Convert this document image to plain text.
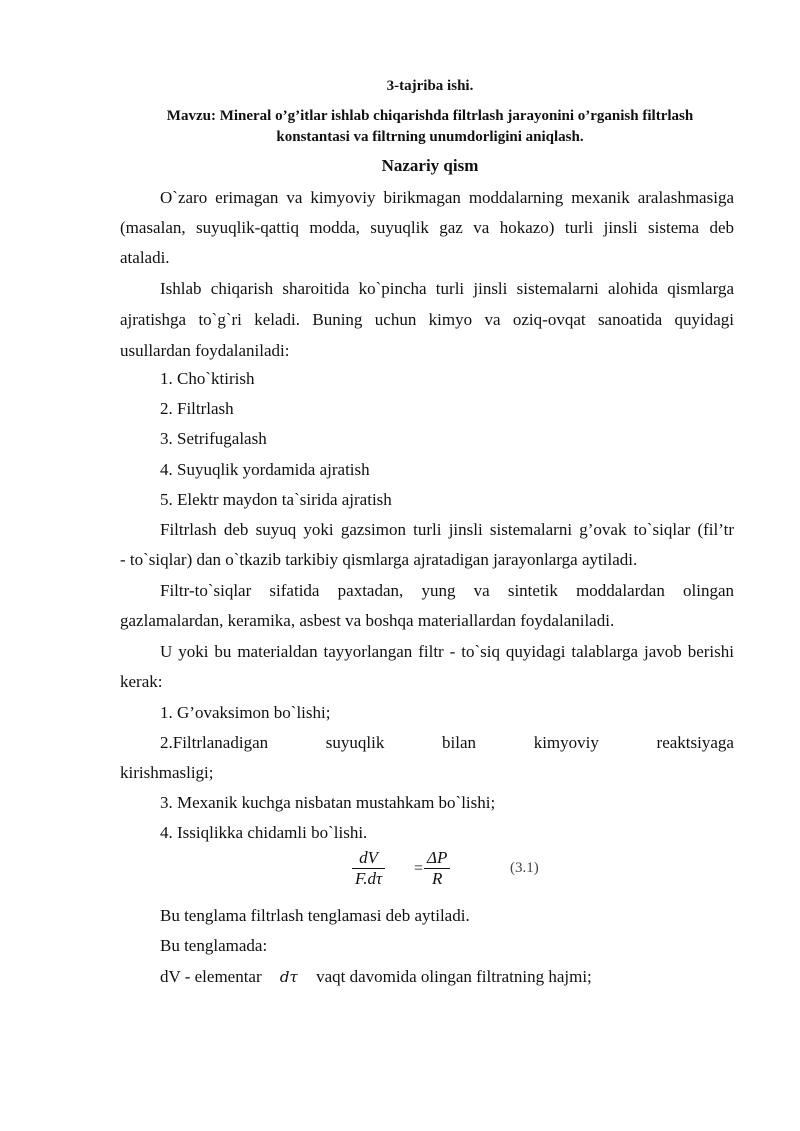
3-tajriba ishi.
Mavzu: Mineral o’g’itlar ishlab chiqarishda filtrlash jarayonini o’rganish filtrlash
konstantasi va filtrning unumdorligini aniqlash.
Nazariy qism
O`zaro erimagan va kimyoviy birikmagan moddalarning mexanik aralashmasiga
(masalan, suyuqlik-qattiq modda, suyuqlik gaz va hokazo) turli jinsli sistema deb
ataladi.
Ishlab chiqarish sharoitida ko`pincha turli jinsli sistemalarni alohida qismlarga
ajratishga to`g`ri keladi. Buning uchun kimyo va oziq-ovqat sanoatida quyidagi
usullardan foydalaniladi:
1. Cho`ktirish
2. Filtrlash
3. Setrifugalash
4. Suyuqlik yordamida ajratish
5. Elektr maydon ta`sirida ajratish
Filtrlash deb suyuq yoki gazsimon turli jinsli sistemalarni g’ovak to`siqlar (fil’tr
- to`siqlar) dan o`tkazib tarkibiy qismlarga ajratadigan jarayonlarga aytiladi.
Filtr-to`siqlar sifatida paxtadan, yung va sintetik moddalardan olingan
gazlamalardan, keramika, asbest va boshqa materiallardan foydalaniladi.
U yoki bu materialdan tayyorlangan filtr - to`siq quyidagi talablarga javob berishi
kerak:
1. G’ovaksimon bo`lishi;
2.Filtrlanadigan	suyuqlik	bilan	kimyoviy	reaktsiyaga
kirishmasligi;
3. Mexanik kuchga nisbatan mustahkam bo`lishi;
4. Issiqlikka chidamli bo`lishi.
dV
F.dτ
=
ΔP
R
(3.1)
Bu tenglama filtrlash tenglamasi deb aytiladi.
Bu tenglamada:
dV - elementar dτ vaqt davomida olingan filtratning hajmi;
